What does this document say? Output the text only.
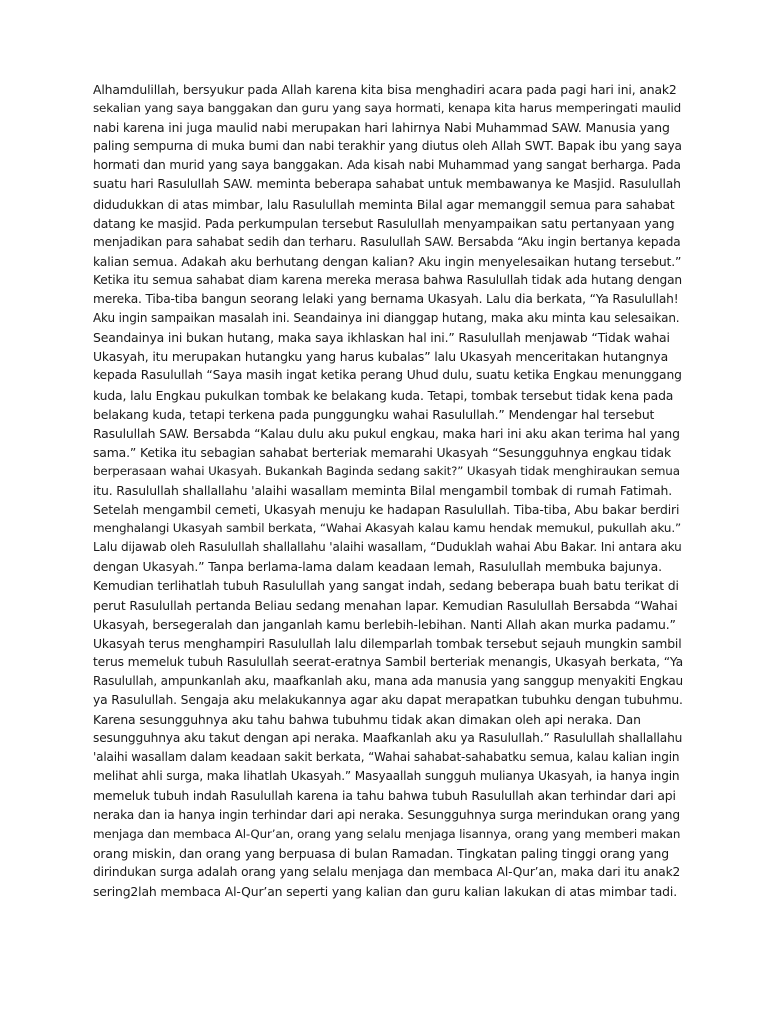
Alhamdulillah, bersyukur pada Allah karena kita bisa menghadiri acara pada pagi hari ini, anak2
sekalian yang saya banggakan dan guru yang saya hormati, kenapa kita harus memperingati maulid
nabi karena ini juga maulid nabi merupakan hari lahirnya Nabi Muhammad SAW. Manusia yang
paling sempurna di muka bumi dan nabi terakhir yang diutus oleh Allah SWT. Bapak ibu yang saya
hormati dan murid yang saya banggakan. Ada kisah nabi Muhammad yang sangat berharga. Pada
suatu hari Rasulullah SAW. meminta beberapa sahabat untuk membawanya ke Masjid. Rasulullah
didudukkan di atas mimbar, lalu Rasulullah meminta Bilal agar memanggil semua para sahabat
datang ke masjid. Pada perkumpulan tersebut Rasulullah menyampaikan satu pertanyaan yang
menjadikan para sahabat sedih dan terharu. Rasulullah SAW. Bersabda “Aku ingin bertanya kepada
kalian semua. Adakah aku berhutang dengan kalian? Aku ingin menyelesaikan hutang tersebut.”
Ketika itu semua sahabat diam karena mereka merasa bahwa Rasulullah tidak ada hutang dengan
mereka. Tiba-tiba bangun seorang lelaki yang bernama Ukasyah. Lalu dia berkata, “Ya Rasulullah!
Aku ingin sampaikan masalah ini. Seandainya ini dianggap hutang, maka aku minta kau selesaikan.
Seandainya ini bukan hutang, maka saya ikhlaskan hal ini.” Rasulullah menjawab “Tidak wahai
Ukasyah, itu merupakan hutangku yang harus kubalas” lalu Ukasyah menceritakan hutangnya
kepada Rasulullah “Saya masih ingat ketika perang Uhud dulu, suatu ketika Engkau menunggang
kuda, lalu Engkau pukulkan tombak ke belakang kuda. Tetapi, tombak tersebut tidak kena pada
belakang kuda, tetapi terkena pada punggungku wahai Rasulullah.” Mendengar hal tersebut
Rasulullah SAW. Bersabda “Kalau dulu aku pukul engkau, maka hari ini aku akan terima hal yang
sama.” Ketika itu sebagian sahabat berteriak memarahi Ukasyah “Sesungguhnya engkau tidak
berperasaan wahai Ukasyah. Bukankah Baginda sedang sakit?” Ukasyah tidak menghiraukan semua
itu. Rasulullah shallallahu 'alaihi wasallam meminta Bilal mengambil tombak di rumah Fatimah.
Setelah mengambil cemeti, Ukasyah menuju ke hadapan Rasulullah. Tiba-tiba, Abu bakar berdiri
menghalangi Ukasyah sambil berkata, “Wahai Akasyah kalau kamu hendak memukul, pukullah aku.”
Lalu dijawab oleh Rasulullah shallallahu 'alaihi wasallam, “Duduklah wahai Abu Bakar. Ini antara aku
dengan Ukasyah.” Tanpa berlama-lama dalam keadaan lemah, Rasulullah membuka bajunya.
Kemudian terlihatlah tubuh Rasulullah yang sangat indah, sedang beberapa buah batu terikat di
perut Rasulullah pertanda Beliau sedang menahan lapar. Kemudian Rasulullah Bersabda “Wahai
Ukasyah, bersegeralah dan janganlah kamu berlebih-lebihan. Nanti Allah akan murka padamu.”
Ukasyah terus menghampiri Rasulullah lalu dilemparlah tombak tersebut sejauh mungkin sambil
terus memeluk tubuh Rasulullah seerat-eratnya Sambil berteriak menangis, Ukasyah berkata, “Ya
Rasulullah, ampunkanlah aku, maafkanlah aku, mana ada manusia yang sanggup menyakiti Engkau
ya Rasulullah. Sengaja aku melakukannya agar aku dapat merapatkan tubuhku dengan tubuhmu.
Karena sesungguhnya aku tahu bahwa tubuhmu tidak akan dimakan oleh api neraka. Dan
sesungguhnya aku takut dengan api neraka. Maafkanlah aku ya Rasulullah.” Rasulullah shallallahu
'alaihi wasallam dalam keadaan sakit berkata, “Wahai sahabat-sahabatku semua, kalau kalian ingin
melihat ahli surga, maka lihatlah Ukasyah.” Masyaallah sungguh mulianya Ukasyah, ia hanya ingin
memeluk tubuh indah Rasulullah karena ia tahu bahwa tubuh Rasulullah akan terhindar dari api
neraka dan ia hanya ingin terhindar dari api neraka. Sesungguhnya surga merindukan orang yang
menjaga dan membaca Al-Qur’an, orang yang selalu menjaga lisannya, orang yang memberi makan
orang miskin, dan orang yang berpuasa di bulan Ramadan. Tingkatan paling tinggi orang yang
dirindukan surga adalah orang yang selalu menjaga dan membaca Al-Qur’an, maka dari itu anak2
sering2lah membaca Al-Qur’an seperti yang kalian dan guru kalian lakukan di atas mimbar tadi.
